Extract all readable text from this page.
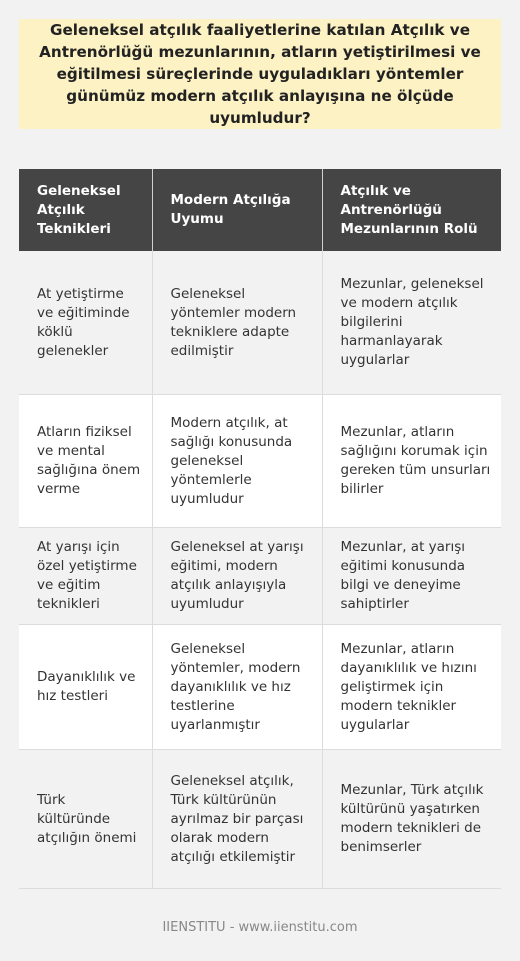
Geleneksel atçılık faaliyetlerine katılan Atçılık ve Antrenörlüğü mezunlarının, atların yetiştirilmesi ve eğitilmesi süreçlerinde uyguladıkları yöntemler günümüz modern atçılık anlayışına ne ölçüde uyumludur?

Geleneksel Atçılık Teknikleri	Modern Atçılığa Uyumu	Atçılık ve Antrenörlüğü Mezunlarının Rolü
At yetiştirme ve eğitiminde köklü gelenekler	Geleneksel yöntemler modern tekniklere adapte edilmiştir	Mezunlar, geleneksel ve modern atçılık bilgilerini harmanlayarak uygularlar
Atların fiziksel ve mental sağlığına önem verme	Modern atçılık, at sağlığı konusunda geleneksel yöntemlerle uyumludur	Mezunlar, atların sağlığını korumak için gereken tüm unsurları bilirler
At yarışı için özel yetiştirme ve eğitim teknikleri	Geleneksel at yarışı eğitimi, modern atçılık anlayışıyla uyumludur	Mezunlar, at yarışı eğitimi konusunda bilgi ve deneyime sahiptirler
Dayanıklılık ve hız testleri	Geleneksel yöntemler, modern dayanıklılık ve hız testlerine uyarlanmıştır	Mezunlar, atların dayanıklılık ve hızını geliştirmek için modern teknikler uygularlar
Türk kültüründe atçılığın önemi	Geleneksel atçılık, Türk kültürünün ayrılmaz bir parçası olarak modern atçılığı etkilemiştir	Mezunlar, Türk atçılık kültürünü yaşatırken modern teknikleri de benimserler
IIENSTITU - www.iienstitu.com
